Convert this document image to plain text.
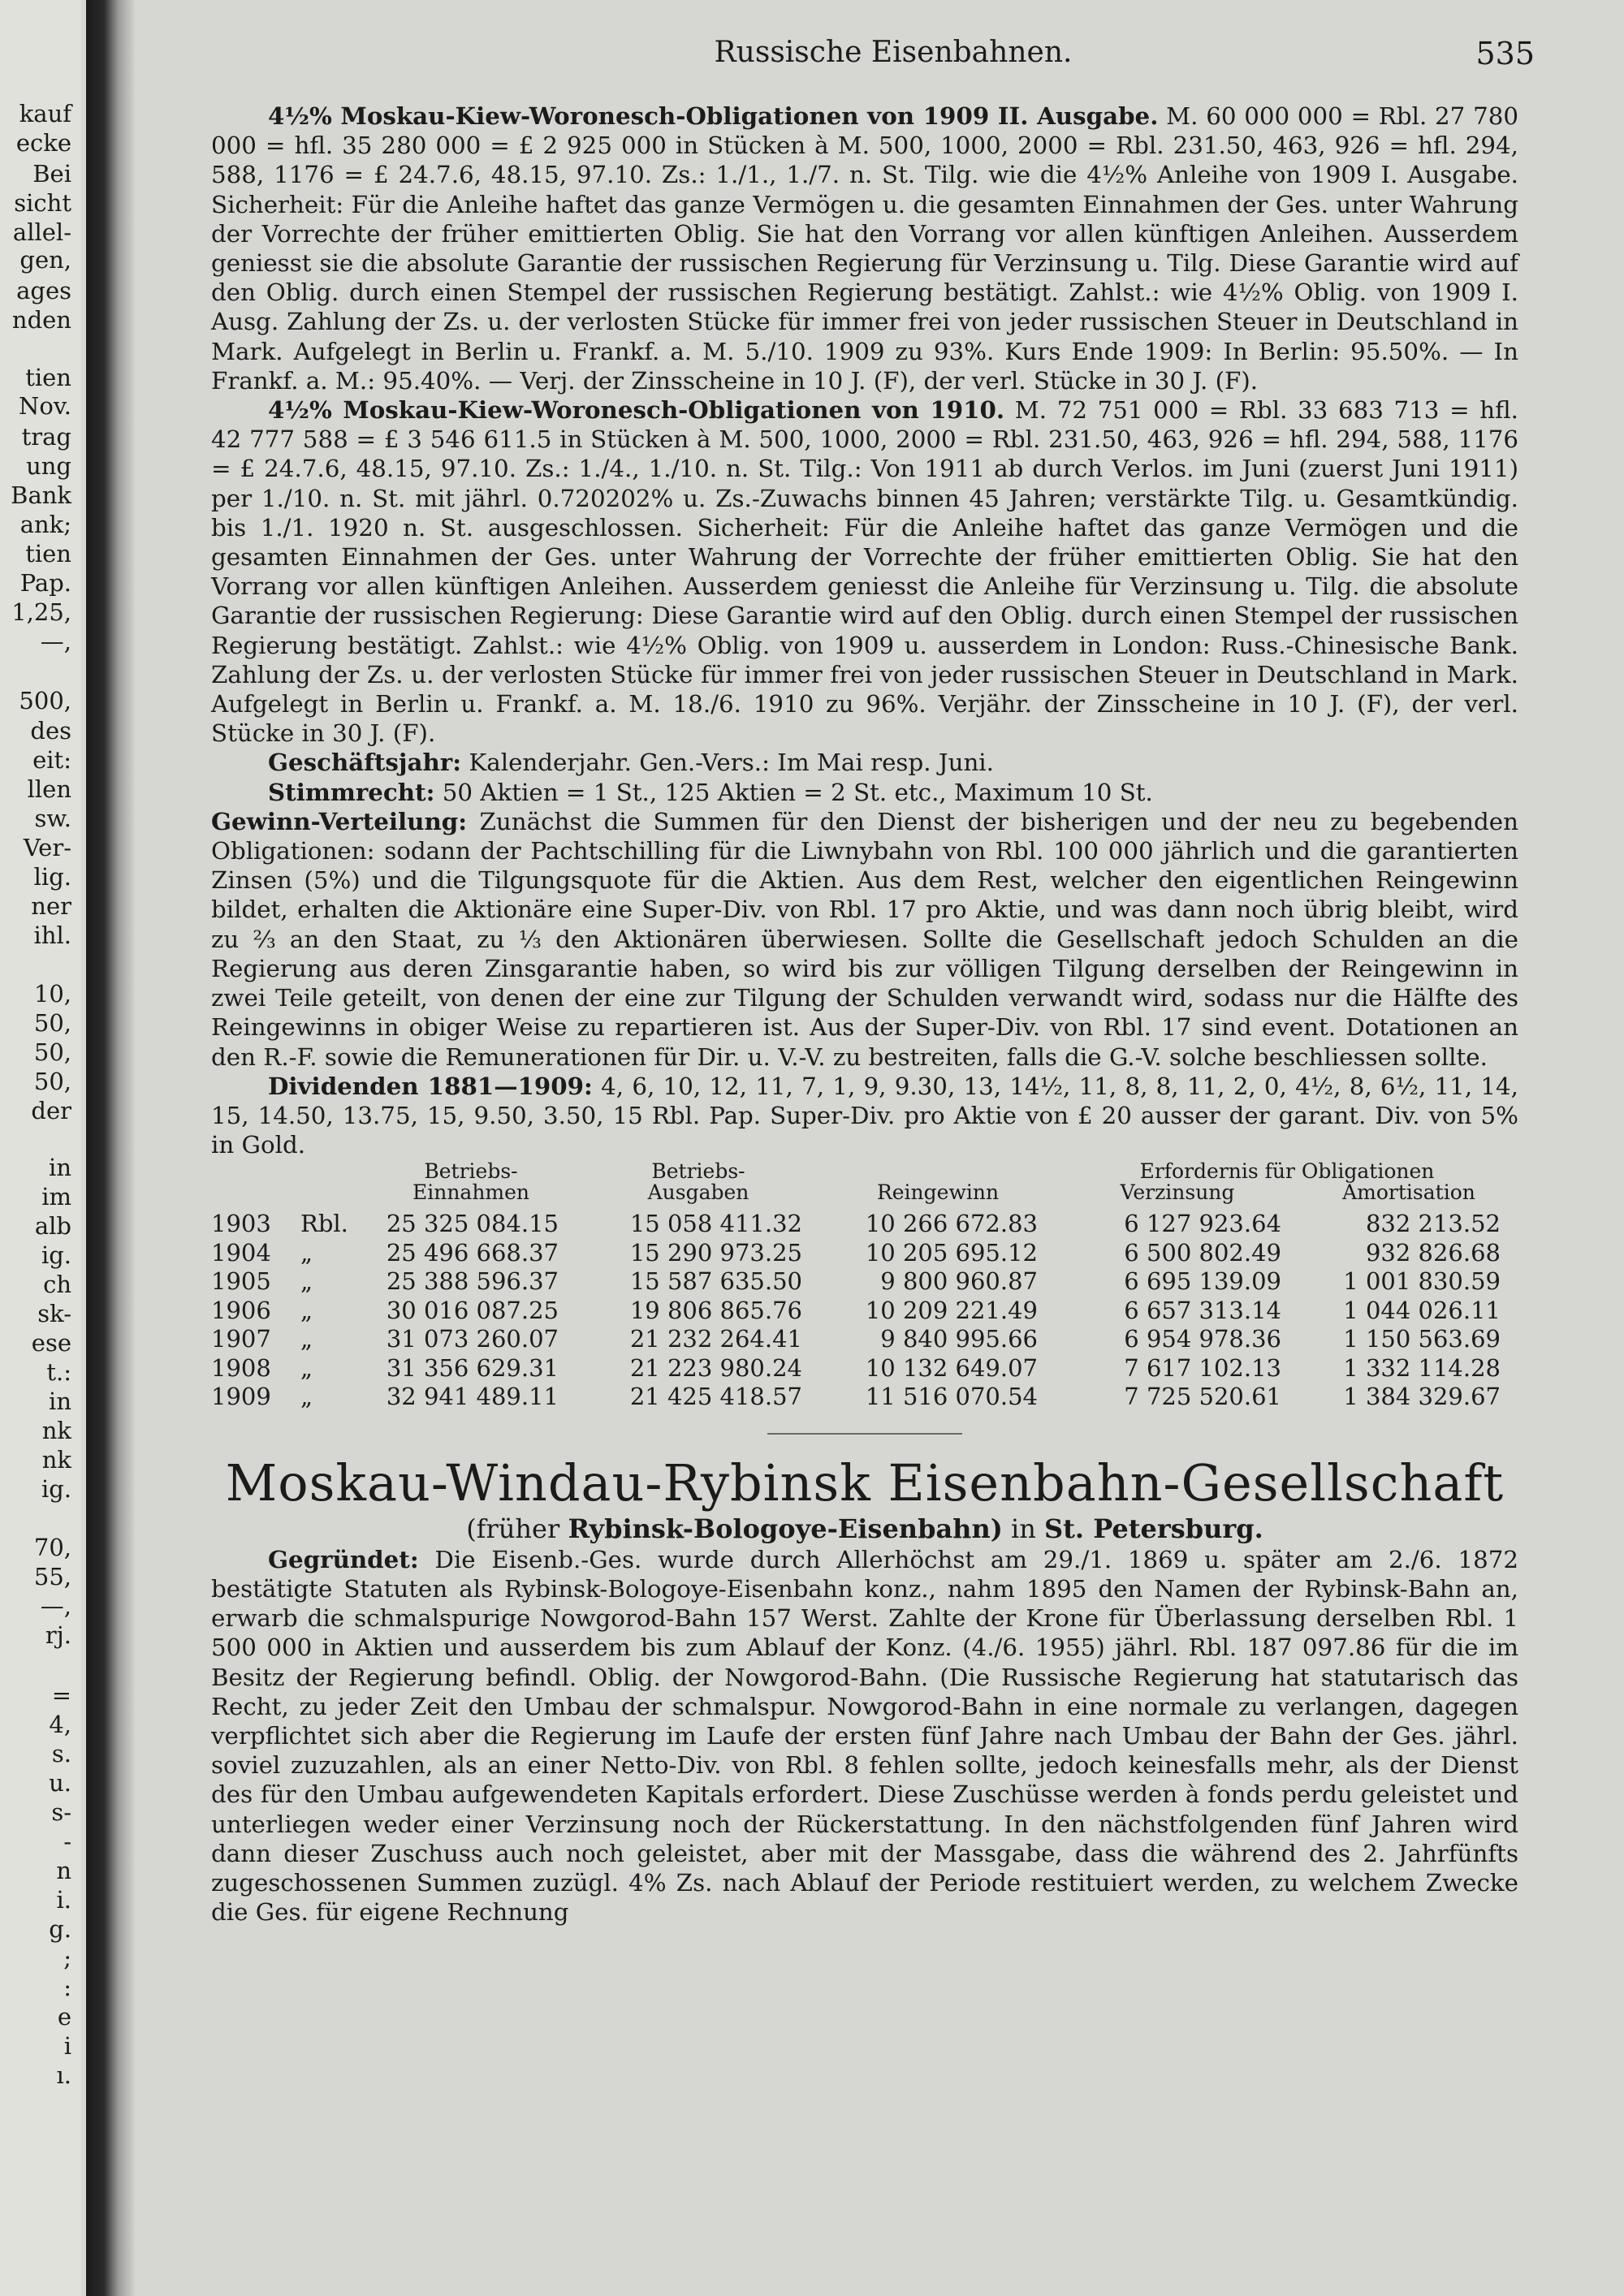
kauf
ecke
Bei
sicht
allel-
gen,
ages
nden
tien
Nov.
trag
ung
Bank
ank;
tien
Pap.
1,25,
—,
500,
des
eit:
llen
sw.
Ver-
lig.
ner
ihl.
10,
50,
50,
50,
der
in
im
alb
ig.
ch
sk-
ese
t.:
in
nk
nk
ig.
70,
55,
—,
rj.
=
4,
s.
u.
s-
-
n
i.
g.
;
:
e
i
ı.
Russische Eisenbahnen.	535

4½% Moskau-Kiew-Woronesch-Obligationen von 1909 II. Ausgabe. M. 60 000 000 = Rbl. 27 780 000 = hfl. 35 280 000 = £ 2 925 000 in Stücken à M. 500, 1000, 2000 = Rbl. 231.50, 463, 926 = hfl. 294, 588, 1176 = £ 24.7.6, 48.15, 97.10. Zs.: 1./1., 1./7. n. St. Tilg. wie die 4½% Anleihe von 1909 I. Ausgabe. Sicherheit: Für die Anleihe haftet das ganze Vermögen u. die gesamten Einnahmen der Ges. unter Wahrung der Vorrechte der früher emittierten Oblig. Sie hat den Vorrang vor allen künftigen Anleihen. Ausserdem geniesst sie die absolute Garantie der russischen Regierung für Verzinsung u. Tilg. Diese Garantie wird auf den Oblig. durch einen Stempel der russischen Regierung bestätigt. Zahlst.: wie 4½% Oblig. von 1909 I. Ausg. Zahlung der Zs. u. der verlosten Stücke für immer frei von jeder russischen Steuer in Deutschland in Mark. Aufgelegt in Berlin u. Frankf. a. M. 5./10. 1909 zu 93%. Kurs Ende 1909: In Berlin: 95.50%. — In Frankf. a. M.: 95.40%. — Verj. der Zinsscheine in 10 J. (F), der verl. Stücke in 30 J. (F).

4½% Moskau-Kiew-Woronesch-Obligationen von 1910. M. 72 751 000 = Rbl. 33 683 713 = hfl. 42 777 588 = £ 3 546 611.5 in Stücken à M. 500, 1000, 2000 = Rbl. 231.50, 463, 926 = hfl. 294, 588, 1176 = £ 24.7.6, 48.15, 97.10. Zs.: 1./4., 1./10. n. St. Tilg.: Von 1911 ab durch Verlos. im Juni (zuerst Juni 1911) per 1./10. n. St. mit jährl. 0.720202% u. Zs.-Zuwachs binnen 45 Jahren; verstärkte Tilg. u. Gesamtkündig. bis 1./1. 1920 n. St. ausgeschlossen. Sicherheit: Für die Anleihe haftet das ganze Vermögen und die gesamten Einnahmen der Ges. unter Wahrung der Vorrechte der früher emittierten Oblig. Sie hat den Vorrang vor allen künftigen Anleihen. Ausserdem geniesst die Anleihe für Verzinsung u. Tilg. die absolute Garantie der russischen Regierung: Diese Garantie wird auf den Oblig. durch einen Stempel der russischen Regierung bestätigt. Zahlst.: wie 4½% Oblig. von 1909 u. ausserdem in London: Russ.-Chinesische Bank. Zahlung der Zs. u. der verlosten Stücke für immer frei von jeder russischen Steuer in Deutschland in Mark. Aufgelegt in Berlin u. Frankf. a. M. 18./6. 1910 zu 96%. Verjähr. der Zinsscheine in 10 J. (F), der verl. Stücke in 30 J. (F).

Geschäftsjahr: Kalenderjahr. Gen.-Vers.: Im Mai resp. Juni.

Stimmrecht: 50 Aktien = 1 St., 125 Aktien = 2 St. etc., Maximum 10 St.

Gewinn-Verteilung: Zunächst die Summen für den Dienst der bisherigen und der neu zu begebenden Obligationen: sodann der Pachtschilling für die Liwnybahn von Rbl. 100 000 jährlich und die garantierten Zinsen (5%) und die Tilgungsquote für die Aktien. Aus dem Rest, welcher den eigentlichen Reingewinn bildet, erhalten die Aktionäre eine Super-Div. von Rbl. 17 pro Aktie, und was dann noch übrig bleibt, wird zu ⅔ an den Staat, zu ⅓ den Aktionären überwiesen. Sollte die Gesellschaft jedoch Schulden an die Regierung aus deren Zinsgarantie haben, so wird bis zur völligen Tilgung derselben der Reingewinn in zwei Teile geteilt, von denen der eine zur Tilgung der Schulden verwandt wird, sodass nur die Hälfte des Reingewinns in obiger Weise zu repartieren ist. Aus der Super-Div. von Rbl. 17 sind event. Dotationen an den R.-F. sowie die Remunerationen für Dir. u. V.-V. zu bestreiten, falls die G.-V. solche beschliessen sollte.

Dividenden 1881—1909: 4, 6, 10, 12, 11, 7, 1, 9, 9.30, 13, 14½, 11, 8, 8, 11, 2, 0, 4½, 8, 6½, 11, 14, 15, 14.50, 13.75, 15, 9.50, 3.50, 15 Rbl. Pap. Super-Div. pro Aktie von £ 20 ausser der garant. Div. von 5% in Gold.

		Betriebs-
Einnahmen	Betriebs-
Ausgaben	Reingewinn	Erfordernis für Obligationen	
					Verzinsung	Amortisation
1903	Rbl.	25 325 084.15	15 058 411.32	10 266 672.83	6 127 923.64	832 213.52
1904	„	25 496 668.37	15 290 973.25	10 205 695.12	6 500 802.49	932 826.68
1905	„	25 388 596.37	15 587 635.50	9 800 960.87	6 695 139.09	1 001 830.59
1906	„	30 016 087.25	19 806 865.76	10 209 221.49	6 657 313.14	1 044 026.11
1907	„	31 073 260.07	21 232 264.41	9 840 995.66	6 954 978.36	1 150 563.69
1908	„	31 356 629.31	21 223 980.24	10 132 649.07	7 617 102.13	1 332 114.28
1909	„	32 941 489.11	21 425 418.57	11 516 070.54	7 725 520.61	1 384 329.67

Moskau-Windau-Rybinsk Eisenbahn-Gesellschaft

(früher Rybinsk-Bologoye-Eisenbahn) in St. Petersburg.

Gegründet: Die Eisenb.-Ges. wurde durch Allerhöchst am 29./1. 1869 u. später am 2./6. 1872 bestätigte Statuten als Rybinsk-Bologoye-Eisenbahn konz., nahm 1895 den Namen der Rybinsk-Bahn an, erwarb die schmalspurige Nowgorod-Bahn 157 Werst. Zahlte der Krone für Überlassung derselben Rbl. 1 500 000 in Aktien und ausserdem bis zum Ablauf der Konz. (4./6. 1955) jährl. Rbl. 187 097.86 für die im Besitz der Regierung befindl. Oblig. der Nowgorod-Bahn. (Die Russische Regierung hat statutarisch das Recht, zu jeder Zeit den Umbau der schmalspur. Nowgorod-Bahn in eine normale zu verlangen, dagegen verpflichtet sich aber die Regierung im Laufe der ersten fünf Jahre nach Umbau der Bahn der Ges. jährl. soviel zuzuzahlen, als an einer Netto-Div. von Rbl. 8 fehlen sollte, jedoch keinesfalls mehr, als der Dienst des für den Umbau aufgewendeten Kapitals erfordert. Diese Zuschüsse werden à fonds perdu geleistet und unterliegen weder einer Verzinsung noch der Rückerstattung. In den nächstfolgenden fünf Jahren wird dann dieser Zuschuss auch noch geleistet, aber mit der Massgabe, dass die während des 2. Jahrfünfts zugeschossenen Summen zuzügl. 4% Zs. nach Ablauf der Periode restituiert werden, zu welchem Zwecke die Ges. für eigene Rechnung
